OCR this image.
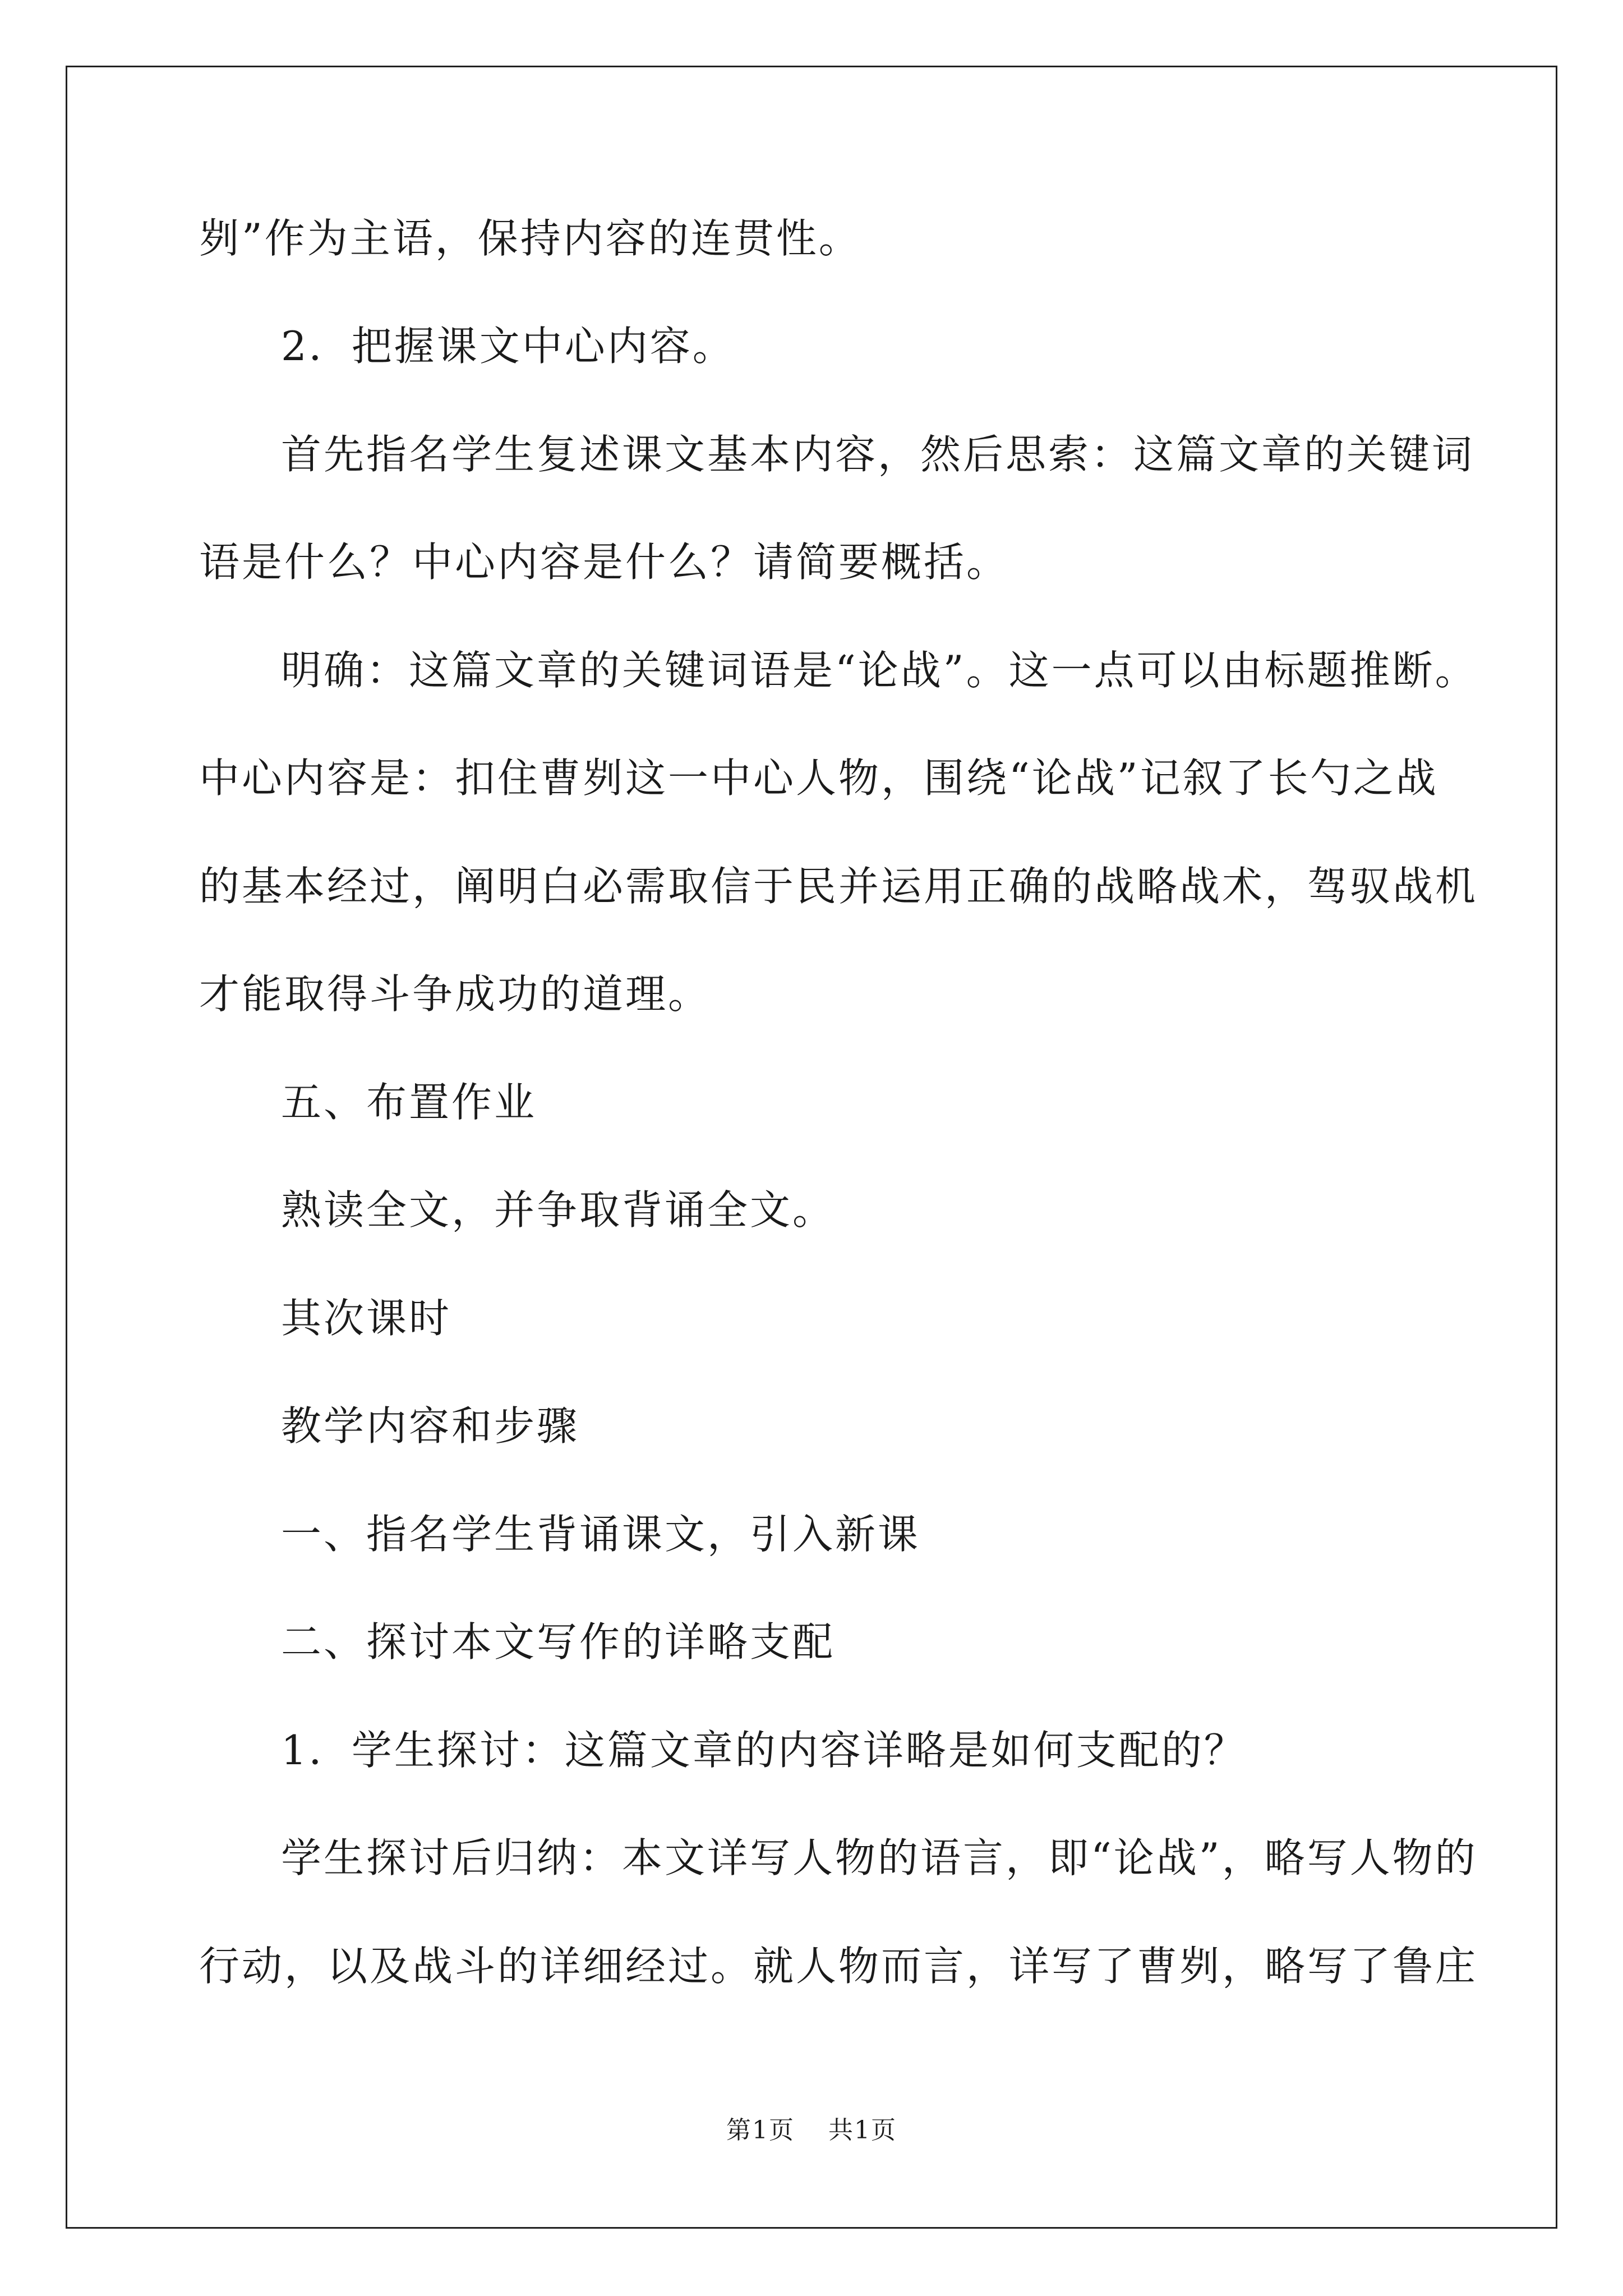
刿”作为主语，保持内容的连贯性。
2．把握课文中心内容。
首先指名学生复述课文基本内容，然后思索：这篇文章的关键词
语是什么？中心内容是什么？请简要概括。
明确：这篇文章的关键词语是“论战”。这一点可以由标题推断。
中心内容是：扣住曹刿这一中心人物，围绕“论战”记叙了长勺之战
的基本经过，阐明白必需取信于民并运用正确的战略战术，驾驭战机
才能取得斗争成功的道理。
五、布置作业
熟读全文，并争取背诵全文。
其次课时
教学内容和步骤
一、指名学生背诵课文，引入新课
二、探讨本文写作的详略支配
1．学生探讨：这篇文章的内容详略是如何支配的？
学生探讨后归纳：本文详写人物的语言，即“论战”，略写人物的
行动，以及战斗的详细经过。就人物而言，详写了曹刿，略写了鲁庄
第1页 共1页
